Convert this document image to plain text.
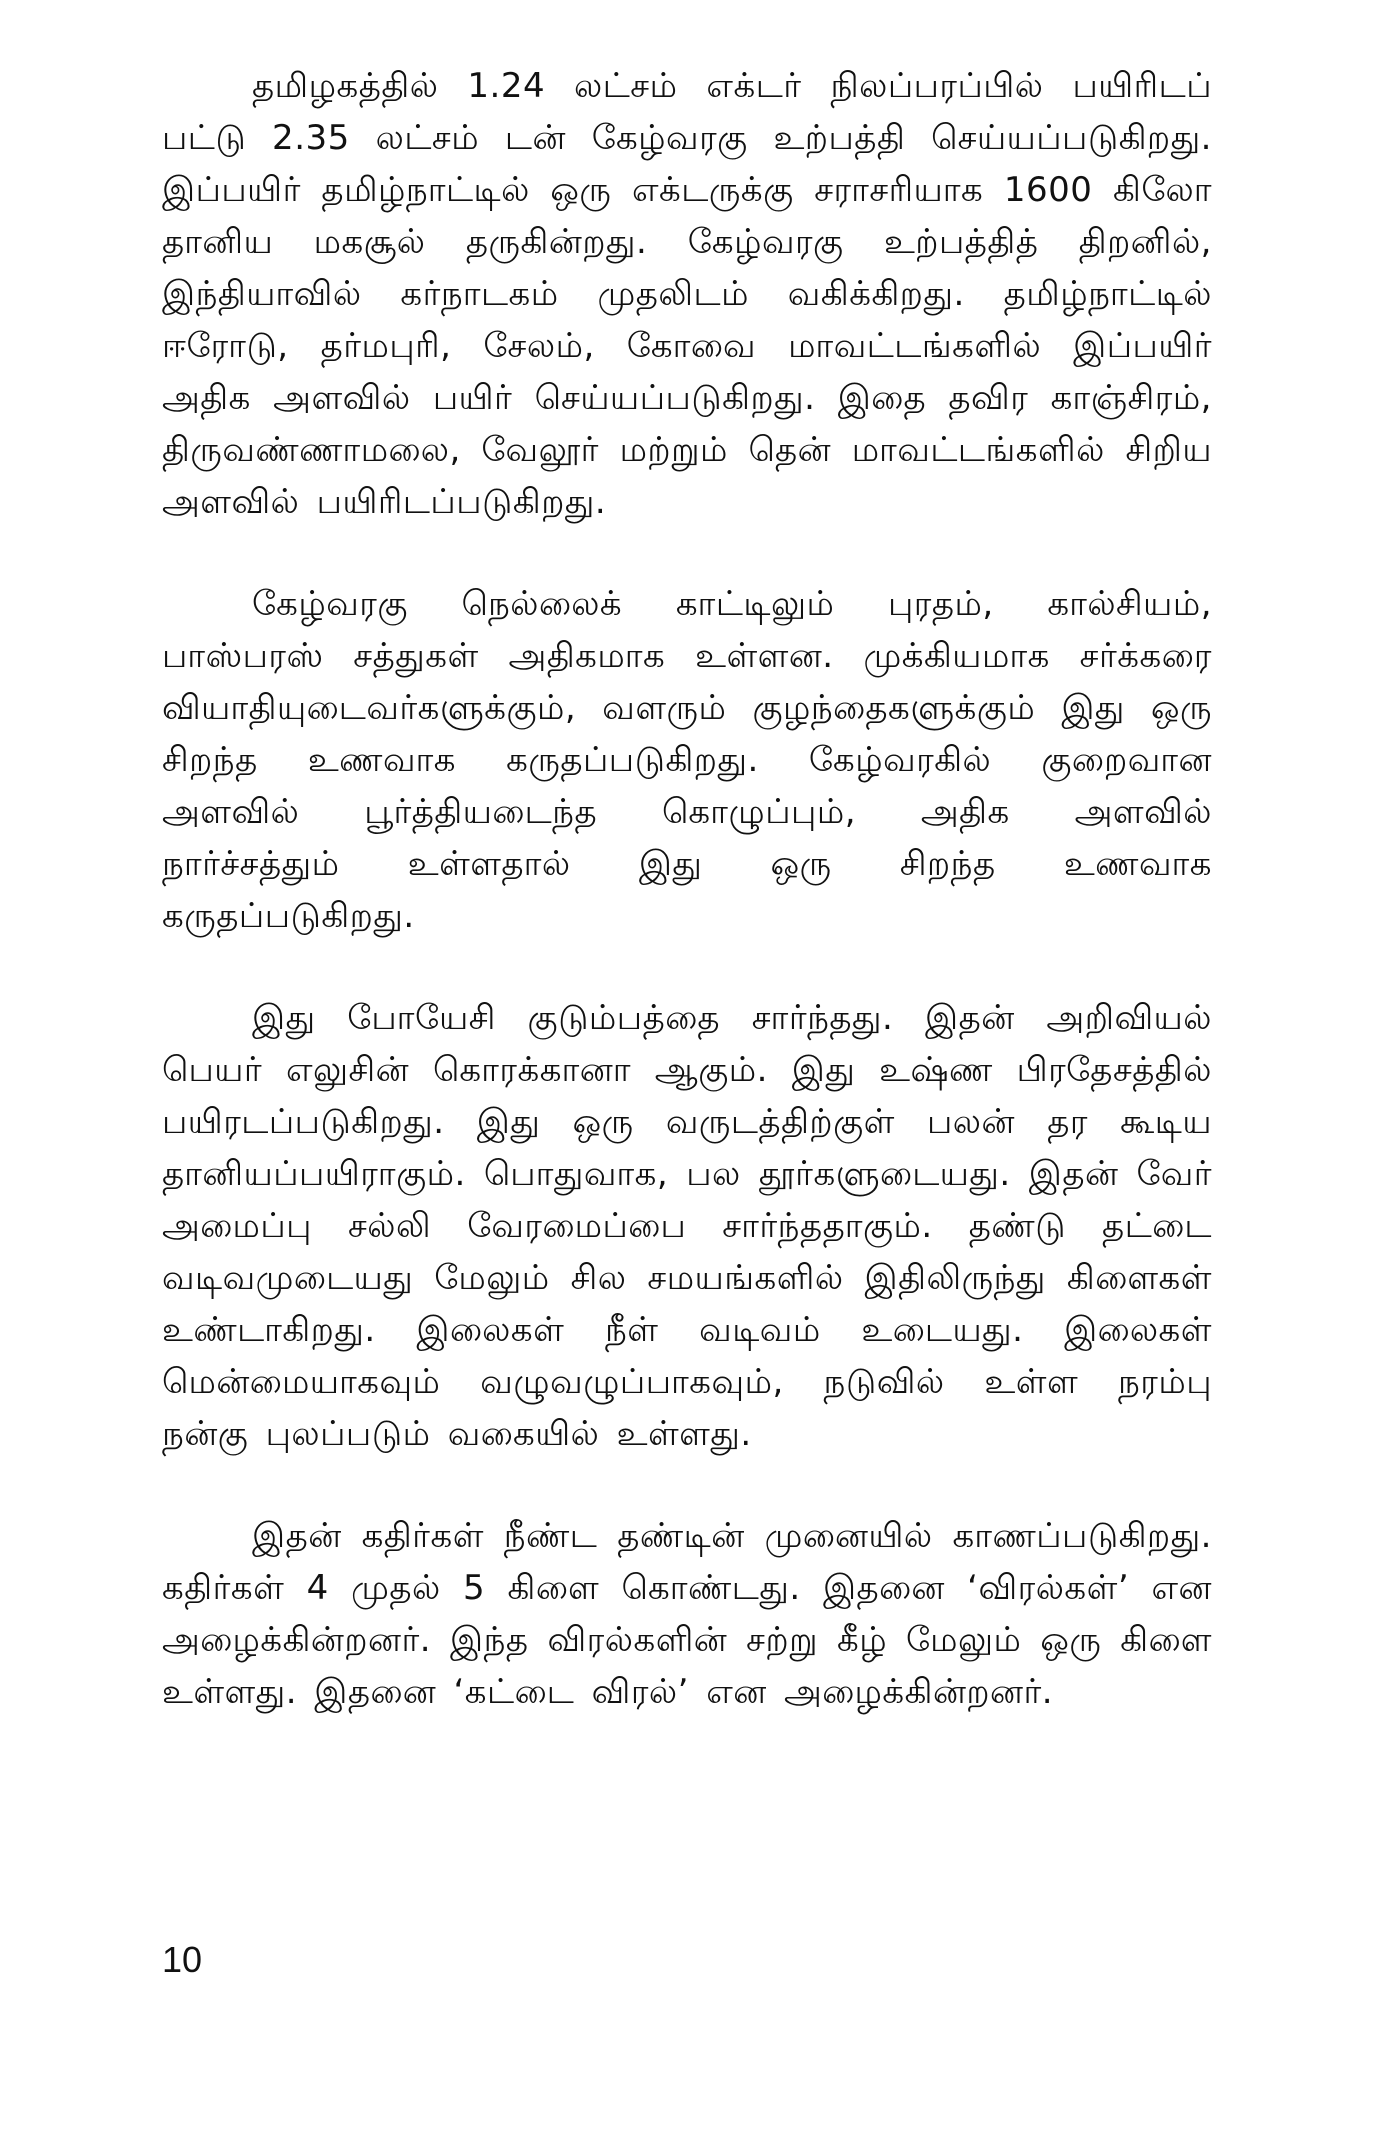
தமிழகத்தில் 1.24 லட்சம் எக்டர் நிலப்பரப்பில் பயிரிடப் பட்டு 2.35 லட்சம் டன் கேழ்வரகு உற்பத்தி செய்யப்படுகிறது. இப்பயிர் தமிழ்நாட்டில் ஒரு எக்டருக்கு சராசரியாக 1600 கிலோ தானிய மகசூல் தருகின்றது. கேழ்வரகு உற்பத்தித் திறனில், இந்தியாவில் கர்நாடகம் முதலிடம் வகிக்கிறது. தமிழ்நாட்டில் ஈரோடு, தர்மபுரி, சேலம், கோவை மாவட்டங்களில் இப்பயிர் அதிக அளவில் பயிர் செய்யப்படுகிறது. இதை தவிர காஞ்சிரம், திருவண்ணாமலை, வேலூர் மற்றும் தென் மாவட்டங்களில் சிறிய அளவில் பயிரிடப்படுகிறது.

கேழ்வரகு நெல்லைக் காட்டிலும் புரதம், கால்சியம், பாஸ்பரஸ் சத்துகள் அதிகமாக உள்ளன. முக்கியமாக சர்க்கரை வியாதியுடைவர்களுக்கும், வளரும் குழந்தைகளுக்கும் இது ஒரு சிறந்த உணவாக கருதப்படுகிறது. கேழ்வரகில் குறைவான அளவில் பூர்த்தியடைந்த கொழுப்பும், அதிக அளவில் நார்ச்சத்தும் உள்ளதால் இது ஒரு சிறந்த உணவாக கருதப்படுகிறது.

இது போயேசி குடும்பத்தை சார்ந்தது. இதன் அறிவியல் பெயர் எலுசின் கொரக்கானா ஆகும். இது உஷ்ண பிரதேசத்தில் பயிரடப்படுகிறது. இது ஒரு வருடத்திற்குள் பலன் தர கூடிய தானியப்பயிராகும். பொதுவாக, பல தூர்களுடையது. இதன் வேர் அமைப்பு சல்லி வேரமைப்பை சார்ந்ததாகும். தண்டு தட்டை வடிவமுடையது மேலும் சில சமயங்களில் இதிலிருந்து கிளைகள் உண்டாகிறது. இலைகள் நீள் வடிவம் உடையது. இலைகள் மென்மையாகவும் வழுவழுப்பாகவும், நடுவில் உள்ள நரம்பு நன்கு புலப்படும் வகையில் உள்ளது.

இதன் கதிர்கள் நீண்ட தண்டின் முனையில் காணப்படுகிறது. கதிர்கள் 4 முதல் 5 கிளை கொண்டது. இதனை ‘விரல்கள்’ என அழைக்கின்றனர். இந்த விரல்களின் சற்று கீழ் மேலும் ஒரு கிளை உள்ளது. இதனை ‘கட்டை விரல்’ என அழைக்கின்றனர்.

10
